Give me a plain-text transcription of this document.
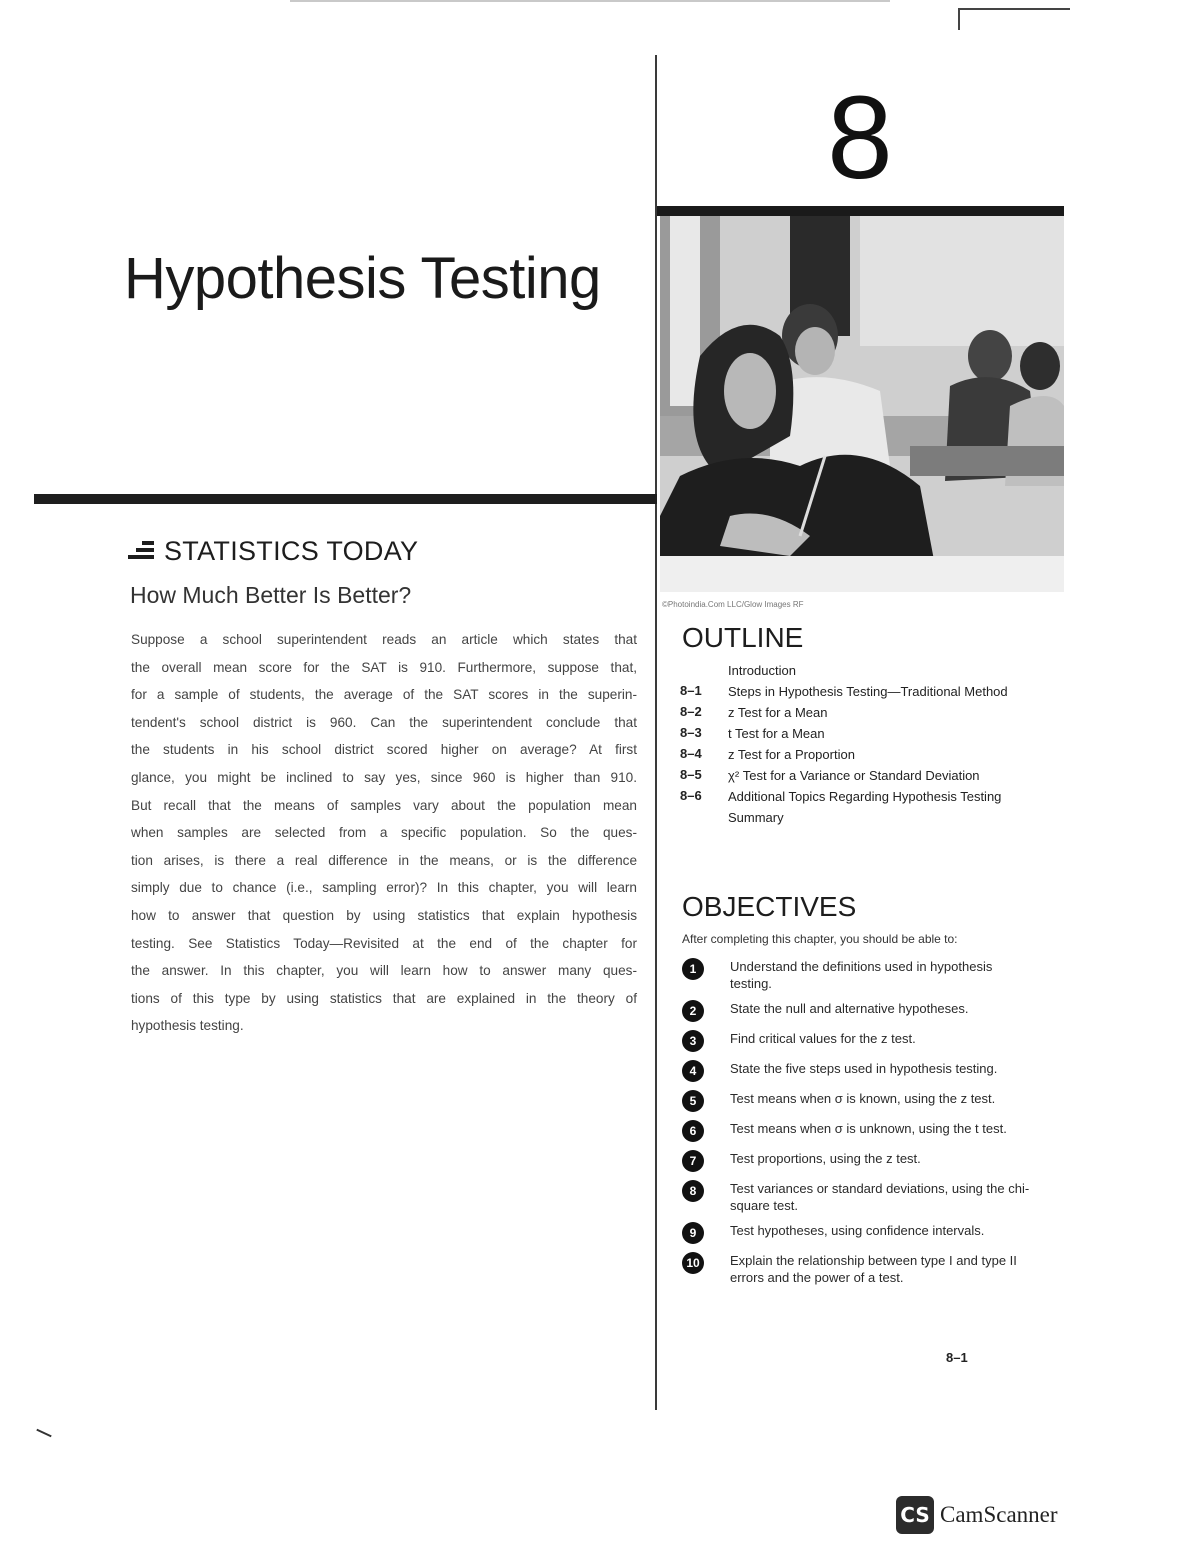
8
Hypothesis Testing
©Photoindia.Com LLC/Glow Images RF
STATISTICS TODAY
How Much Better Is Better?
Suppose a school superintendent reads an article which states that
the overall mean score for the SAT is 910. Furthermore, suppose that,
for a sample of students, the average of the SAT scores in the superin-
tendent's school district is 960. Can the superintendent conclude that
the students in his school district scored higher on average? At first
glance, you might be inclined to say yes, since 960 is higher than 910.
But recall that the means of samples vary about the population mean
when samples are selected from a specific population. So the ques-
tion arises, is there a real difference in the means, or is the difference
simply due to chance (i.e., sampling error)? In this chapter, you will learn
how to answer that question by using statistics that explain hypothesis
testing. See Statistics Today—Revisited at the end of the chapter for
the answer. In this chapter, you will learn how to answer many ques-
tions of this type by using statistics that are explained in the theory of
hypothesis testing.
OUTLINE
Introduction
8–1	Steps in Hypothesis Testing—Traditional Method
8–2	z Test for a Mean
8–3	t Test for a Mean
8–4	z Test for a Proportion
8–5	χ² Test for a Variance or Standard Deviation
8–6	Additional Topics Regarding Hypothesis Testing
Summary
OBJECTIVES
After completing this chapter, you should be able to:
1	Understand the definitions used in hypothesis testing.
2	State the null and alternative hypotheses.
3	Find critical values for the z test.
4	State the five steps used in hypothesis testing.
5	Test means when σ is known, using the z test.
6	Test means when σ is unknown, using the t test.
7	Test proportions, using the z test.
8	Test variances or standard deviations, using the chi-square test.
9	Test hypotheses, using confidence intervals.
10	Explain the relationship between type I and type II errors and the power of a test.
8–1
CS CamScanner
